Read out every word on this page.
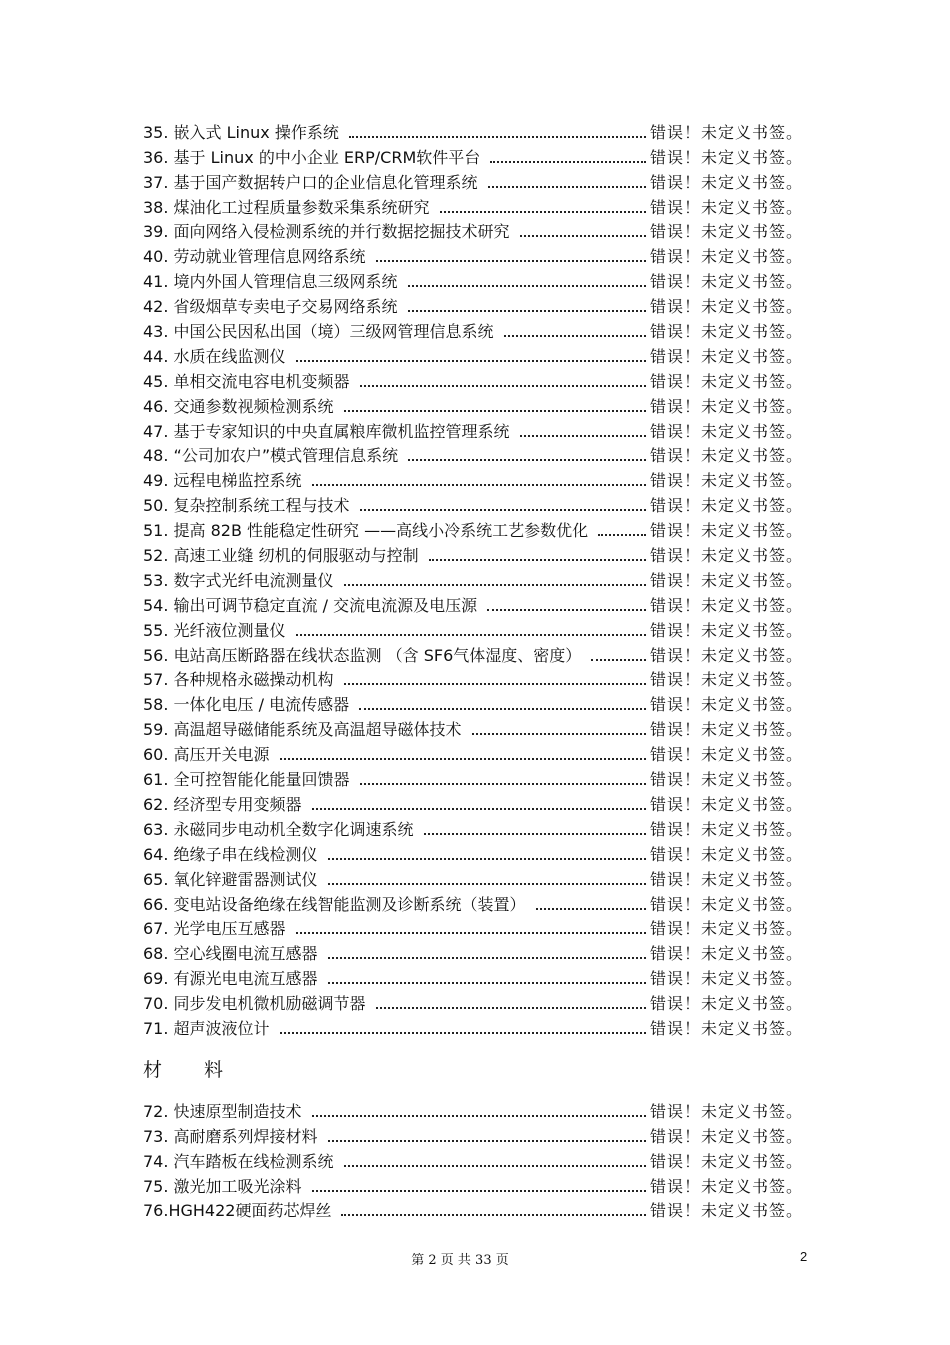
35. 嵌入式 Linux 操作系统	错误！未定义书签。
36. 基于 Linux 的中小企业 ERP/CRM软件平台	错误！未定义书签。
37. 基于国产数据转户口的企业信息化管理系统	错误！未定义书签。
38. 煤油化工过程质量参数采集系统研究	错误！未定义书签。
39. 面向网络入侵检测系统的并行数据挖掘技术研究	错误！未定义书签。
40. 劳动就业管理信息网络系统	错误！未定义书签。
41. 境内外国人管理信息三级网系统	错误！未定义书签。
42. 省级烟草专卖电子交易网络系统	错误！未定义书签。
43. 中国公民因私出国（境）三级网管理信息系统	错误！未定义书签。
44. 水质在线监测仪	错误！未定义书签。
45. 单相交流电容电机变频器	错误！未定义书签。
46. 交通参数视频检测系统	错误！未定义书签。
47. 基于专家知识的中央直属粮库微机监控管理系统	错误！未定义书签。
48. “公司加农户”模式管理信息系统	错误！未定义书签。
49. 远程电梯监控系统	错误！未定义书签。
50. 复杂控制系统工程与技术	错误！未定义书签。
51. 提高 82B 性能稳定性研究 ——高线小冷系统工艺参数优化	错误！未定义书签。
52. 高速工业缝 纫机的伺服驱动与控制	错误！未定义书签。
53. 数字式光纤电流测量仪	错误！未定义书签。
54. 输出可调节稳定直流 / 交流电流源及电压源	错误！未定义书签。
55. 光纤液位测量仪	错误！未定义书签。
56. 电站高压断路器在线状态监测 （含 SF6气体湿度、密度）	错误！未定义书签。
57. 各种规格永磁操动机构	错误！未定义书签。
58. 一体化电压 / 电流传感器	错误！未定义书签。
59. 高温超导磁储能系统及高温超导磁体技术	错误！未定义书签。
60. 高压开关电源	错误！未定义书签。
61. 全可控智能化能量回馈器	错误！未定义书签。
62. 经济型专用变频器	错误！未定义书签。
63. 永磁同步电动机全数字化调速系统	错误！未定义书签。
64. 绝缘子串在线检测仪	错误！未定义书签。
65. 氧化锌避雷器测试仪	错误！未定义书签。
66. 变电站设备绝缘在线智能监测及诊断系统（装置）	错误！未定义书签。
67. 光学电压互感器	错误！未定义书签。
68. 空心线圈电流互感器	错误！未定义书签。
69. 有源光电电流互感器	错误！未定义书签。
70. 同步发电机微机励磁调节器	错误！未定义书签。
71. 超声波液位计	错误！未定义书签。
材 料
72. 快速原型制造技术	错误！未定义书签。
73. 高耐磨系列焊接材料	错误！未定义书签。
74. 汽车踏板在线检测系统	错误！未定义书签。
75. 激光加工吸光涂料	错误！未定义书签。
76.HGH422硬面药芯焊丝	错误！未定义书签。
第 2 页 共 33 页	2
